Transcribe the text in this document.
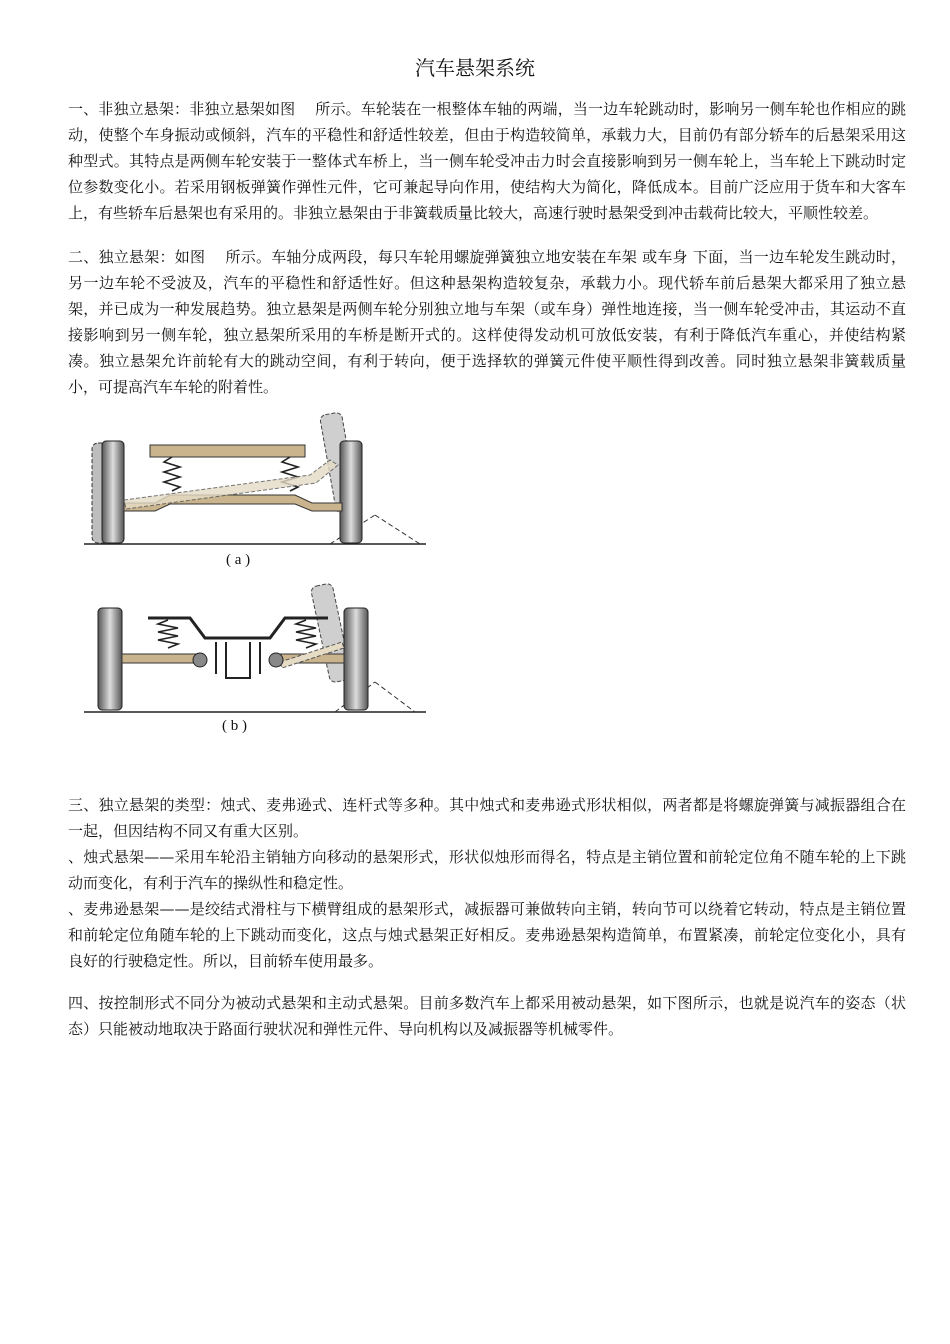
汽车悬架系统

一、非独立悬架：非独立悬架如图　 所示。车轮装在一根整体车轴的两端，当一边车轮跳动时，影响另一侧车轮也作相应的跳动，使整个车身振动或倾斜，汽车的平稳性和舒适性较差，但由于构造较简单，承载力大，目前仍有部分轿车的后悬架采用这种型式。其特点是两侧车轮安装于一整体式车桥上，当一侧车轮受冲击力时会直接影响到另一侧车轮上，当车轮上下跳动时定位参数变化小。若采用钢板弹簧作弹性元件，它可兼起导向作用，使结构大为简化，降低成本。目前广泛应用于货车和大客车上，有些轿车后悬架也有采用的。非独立悬架由于非簧载质量比较大，高速行驶时悬架受到冲击载荷比较大，平顺性较差。

二、独立悬架：如图　 所示。车轴分成两段，每只车轮用螺旋弹簧独立地安装在车架 或车身 下面，当一边车轮发生跳动时，另一边车轮不受波及，汽车的平稳性和舒适性好。但这种悬架构造较复杂，承载力小。现代轿车前后悬架大都采用了独立悬架，并已成为一种发展趋势。独立悬架是两侧车轮分别独立地与车架（或车身）弹性地连接，当一侧车轮受冲击，其运动不直接影响到另一侧车轮，独立悬架所采用的车桥是断开式的。这样使得发动机可放低安装，有利于降低汽车重心，并使结构紧凑。独立悬架允许前轮有大的跳动空间，有利于转向，便于选择软的弹簧元件使平顺性得到改善。同时独立悬架非簧载质量小，可提高汽车车轮的附着性。

( a )
( b )

三、独立悬架的类型：烛式、麦弗逊式、连杆式等多种。其中烛式和麦弗逊式形状相似，两者都是将螺旋弹簧与减振器组合在一起，但因结构不同又有重大区别。

、烛式悬架——采用车轮沿主销轴方向移动的悬架形式，形状似烛形而得名，特点是主销位置和前轮定位角不随车轮的上下跳动而变化，有利于汽车的操纵性和稳定性。

、麦弗逊悬架——是绞结式滑柱与下横臂组成的悬架形式，减振器可兼做转向主销，转向节可以绕着它转动，特点是主销位置和前轮定位角随车轮的上下跳动而变化，这点与烛式悬架正好相反。麦弗逊悬架构造简单，布置紧凑，前轮定位变化小，具有良好的行驶稳定性。所以，目前轿车使用最多。

四、按控制形式不同分为被动式悬架和主动式悬架。目前多数汽车上都采用被动悬架，如下图所示，也就是说汽车的姿态（状态）只能被动地取决于路面行驶状况和弹性元件、导向机构以及减振器等机械零件。
